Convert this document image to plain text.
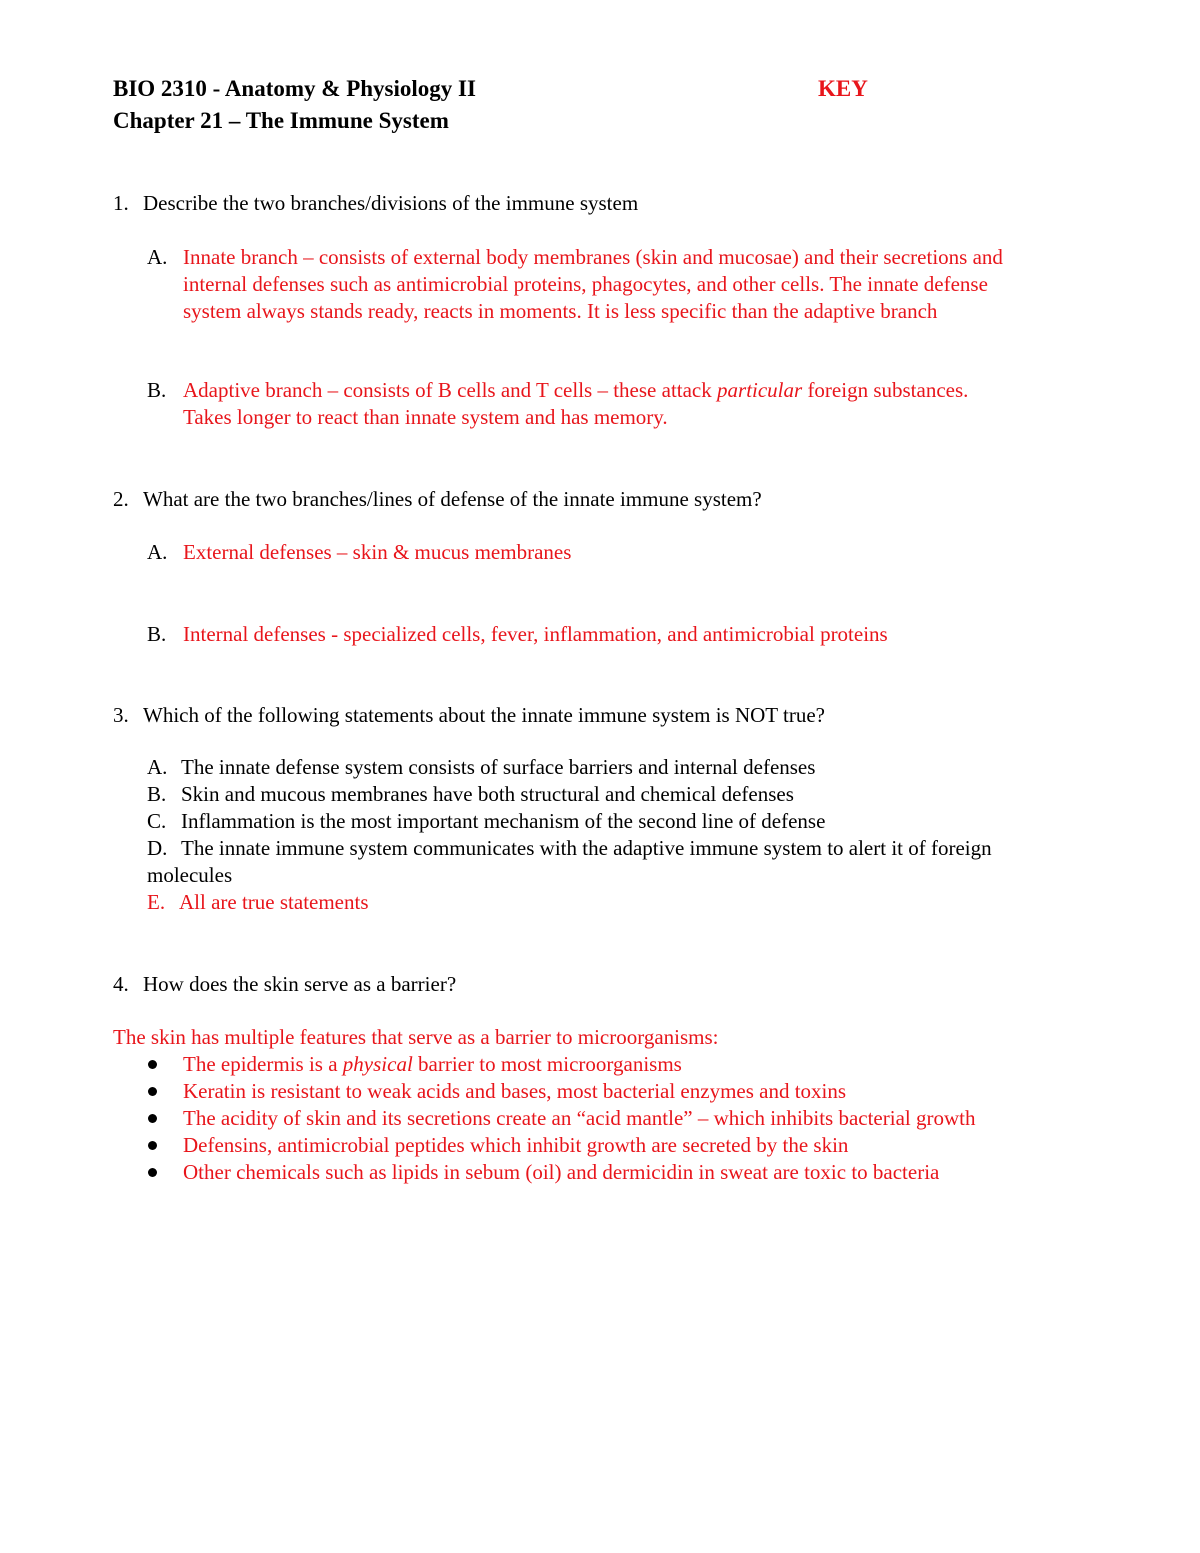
BIO 2310 - Anatomy & Physiology II	KEY
Chapter 21 – The Immune System
1. Describe the two branches/divisions of the immune system
A. Innate branch – consists of external body membranes (skin and mucosae) and their secretions and
internal defenses such as antimicrobial proteins, phagocytes, and other cells. The innate defense
system always stands ready, reacts in moments. It is less specific than the adaptive branch
B. Adaptive branch – consists of B cells and T cells – these attack particular foreign substances.
Takes longer to react than innate system and has memory.
2. What are the two branches/lines of defense of the innate immune system?
A. External defenses – skin & mucus membranes
B. Internal defenses - specialized cells, fever, inflammation, and antimicrobial proteins
3. Which of the following statements about the innate immune system is NOT true?
A. The innate defense system consists of surface barriers and internal defenses
B. Skin and mucous membranes have both structural and chemical defenses
C. Inflammation is the most important mechanism of the second line of defense
D. The innate immune system communicates with the adaptive immune system to alert it of foreign
molecules
E. All are true statements
4. How does the skin serve as a barrier?
The skin has multiple features that serve as a barrier to microorganisms:
The epidermis is a physical barrier to most microorganisms
Keratin is resistant to weak acids and bases, most bacterial enzymes and toxins
The acidity of skin and its secretions create an “acid mantle” – which inhibits bacterial growth
Defensins, antimicrobial peptides which inhibit growth are secreted by the skin
Other chemicals such as lipids in sebum (oil) and dermicidin in sweat are toxic to bacteria
